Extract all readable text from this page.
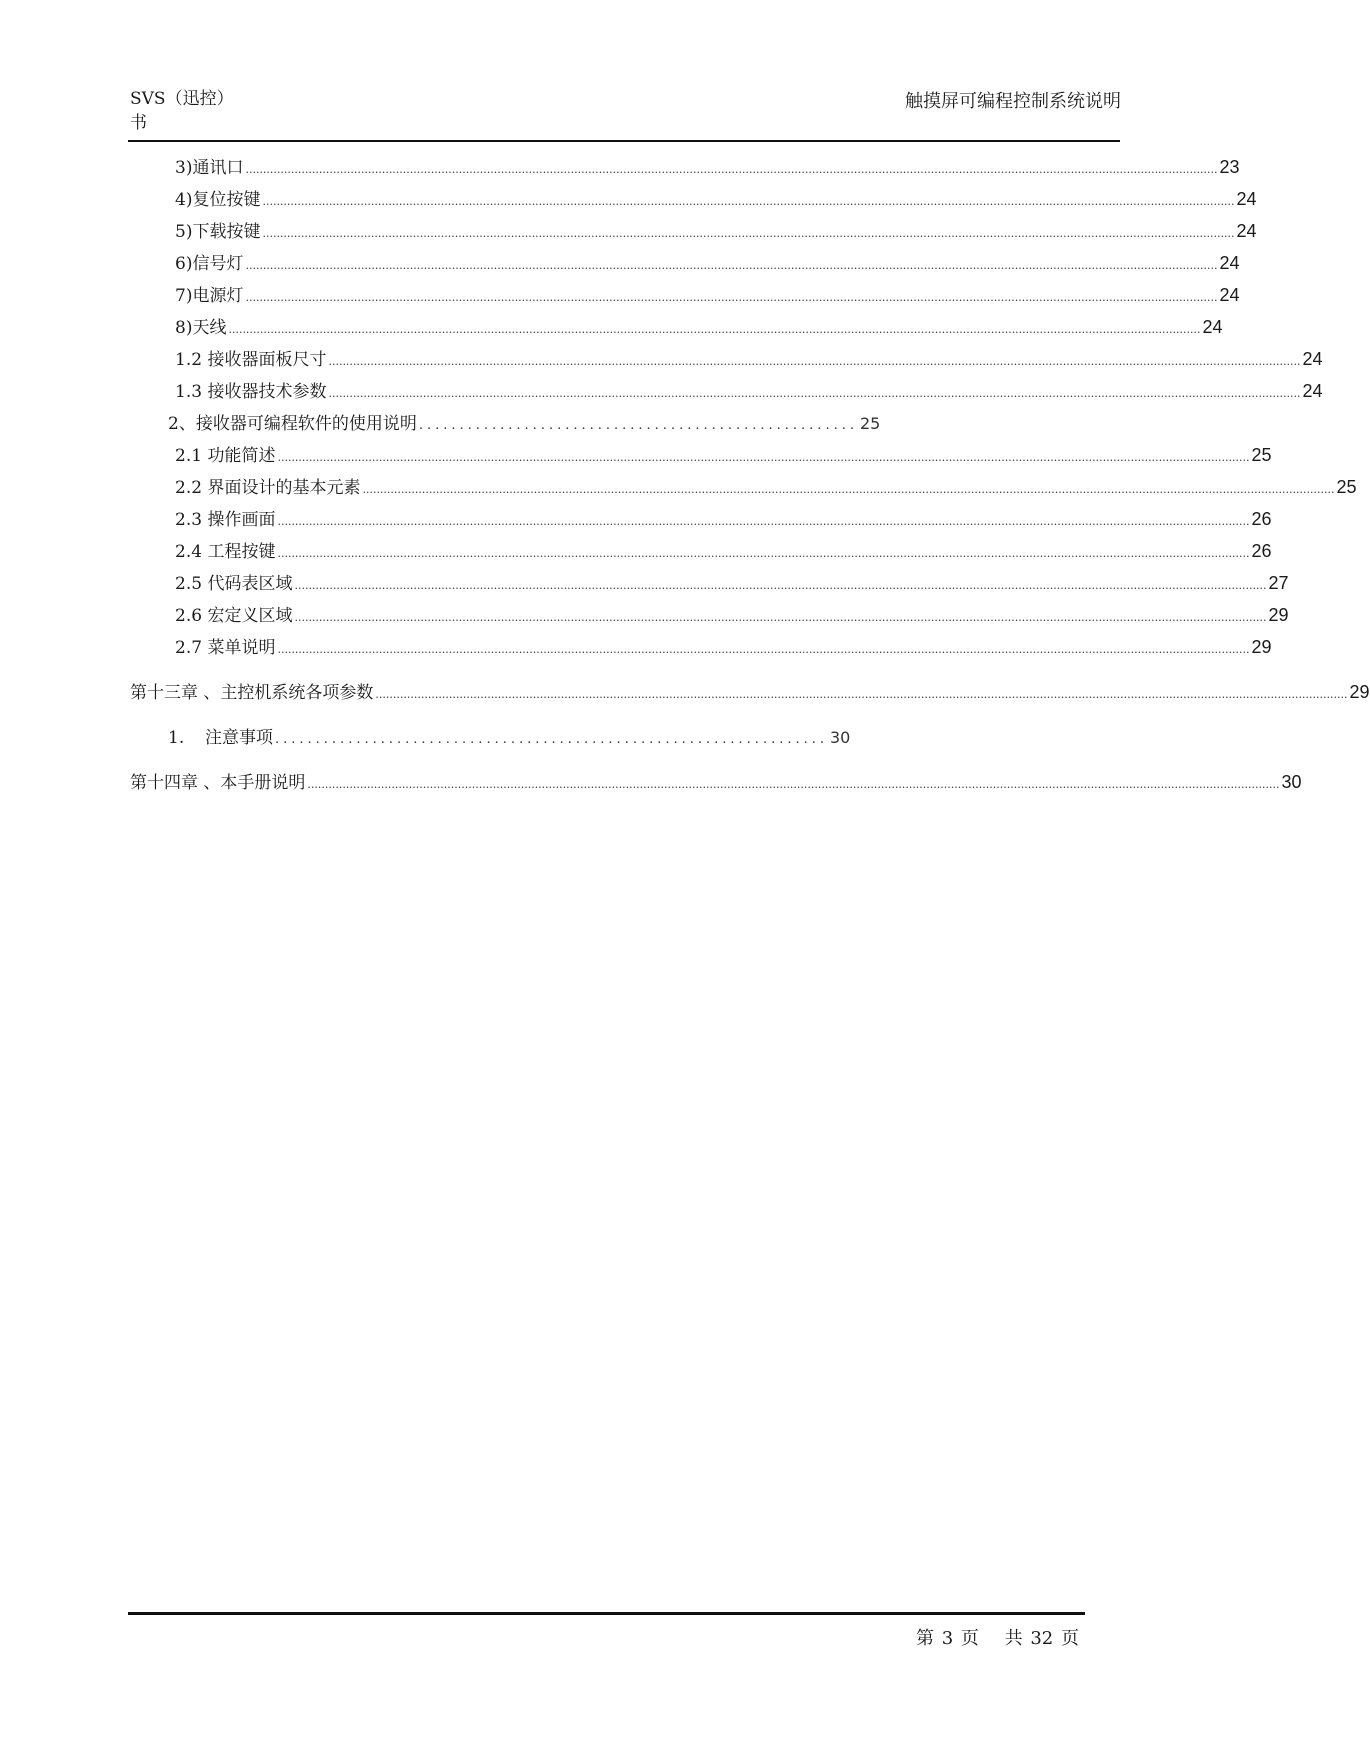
SVS（迅控）
书
触摸屏可编程控制系统说明
3) 通讯口 ...................................................................................................................................................................................................................................................................................... 23
4) 复位按键 ...................................................................................................................................................................................................................................................................................... 24
5) 下载按键 ...................................................................................................................................................................................................................................................................................... 24
6) 信号灯 ...................................................................................................................................................................................................................................................................................... 24
7) 电源灯 ...................................................................................................................................................................................................................................................................................... 24
8) 天线 ...................................................................................................................................................................................................................................................................................... 24
1.2 接收器面板尺寸 ...................................................................................................................................................................................................................................................................................... 24
1.3 接收器技术参数 ...................................................................................................................................................................................................................................................................................... 24
2、接收器可编程软件的使用说明 ...................................................... 25
2.1 功能简述 ...................................................................................................................................................................................................................................................................................... 25
2.2 界面设计的基本元素 ...................................................................................................................................................................................................................................................................................... 25
2.3 操作画面 ...................................................................................................................................................................................................................................................................................... 26
2.4 工程按键 ...................................................................................................................................................................................................................................................................................... 26
2.5 代码表区域 ...................................................................................................................................................................................................................................................................................... 27
2.6 宏定义区域 ...................................................................................................................................................................................................................................................................................... 29
2.7 菜单说明 ...................................................................................................................................................................................................................................................................................... 29
第十三章 、主控机系统各项参数 ...................................................................................................................................................................................................................................................................................... 29
1.	注意事项 .................................................................... 30
第十四章 、本手册说明 ...................................................................................................................................................................................................................................................................................... 30
第 3 页　 共 32 页
